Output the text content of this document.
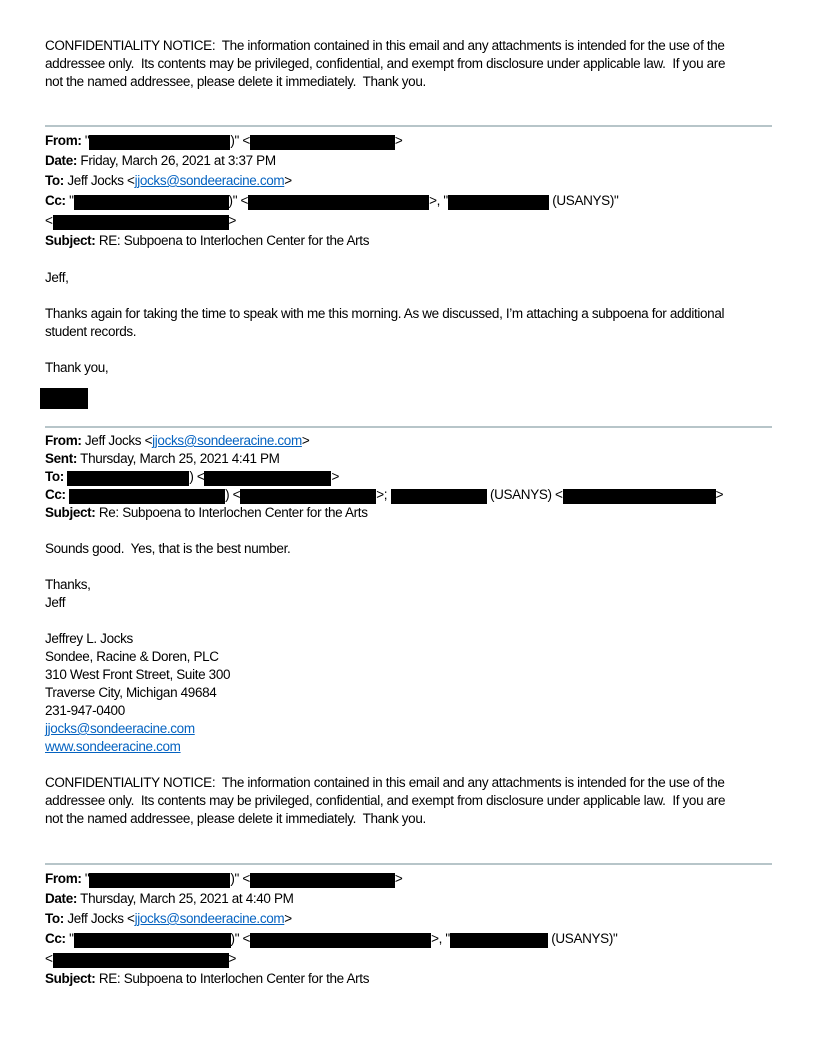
CONFIDENTIALITY NOTICE:  The information contained in this email and any attachments is intended for the use of the
addressee only.  Its contents may be privileged, confidential, and exempt from disclosure under applicable law.  If you are
not the named addressee, please delete it immediately.  Thank you.
From: "	)" <	>
Date: Friday, March 26, 2021 at 3:37 PM
To: Jeff Jocks <jjocks@sondeeracine.com>
Cc: "	)" <	>, "	(USANYS)"
<	>
Subject: RE: Subpoena to Interlochen Center for the Arts

Jeff,

Thanks again for taking the time to speak with me this morning. As we discussed, I’m attaching a subpoena for additional
student records.

Thank you,
From: Jeff Jocks <jjocks@sondeeracine.com>
Sent: Thursday, March 25, 2021 4:41 PM
To:	) <	>
Cc:	) <	>;	(USANYS) <	>
Subject: Re: Subpoena to Interlochen Center for the Arts

Sounds good.  Yes, that is the best number.

Thanks,
Jeff

Jeffrey L. Jocks
Sondee, Racine & Doren, PLC
310 West Front Street, Suite 300
Traverse City, Michigan 49684
231-947-0400
jjocks@sondeeracine.com
www.sondeeracine.com

CONFIDENTIALITY NOTICE:  The information contained in this email and any attachments is intended for the use of the
addressee only.  Its contents may be privileged, confidential, and exempt from disclosure under applicable law.  If you are
not the named addressee, please delete it immediately.  Thank you.
From: "	)" <	>
Date: Thursday, March 25, 2021 at 4:40 PM
To: Jeff Jocks <jjocks@sondeeracine.com>
Cc: "	)" <	>, "	(USANYS)"
<	>
Subject: RE: Subpoena to Interlochen Center for the Arts
